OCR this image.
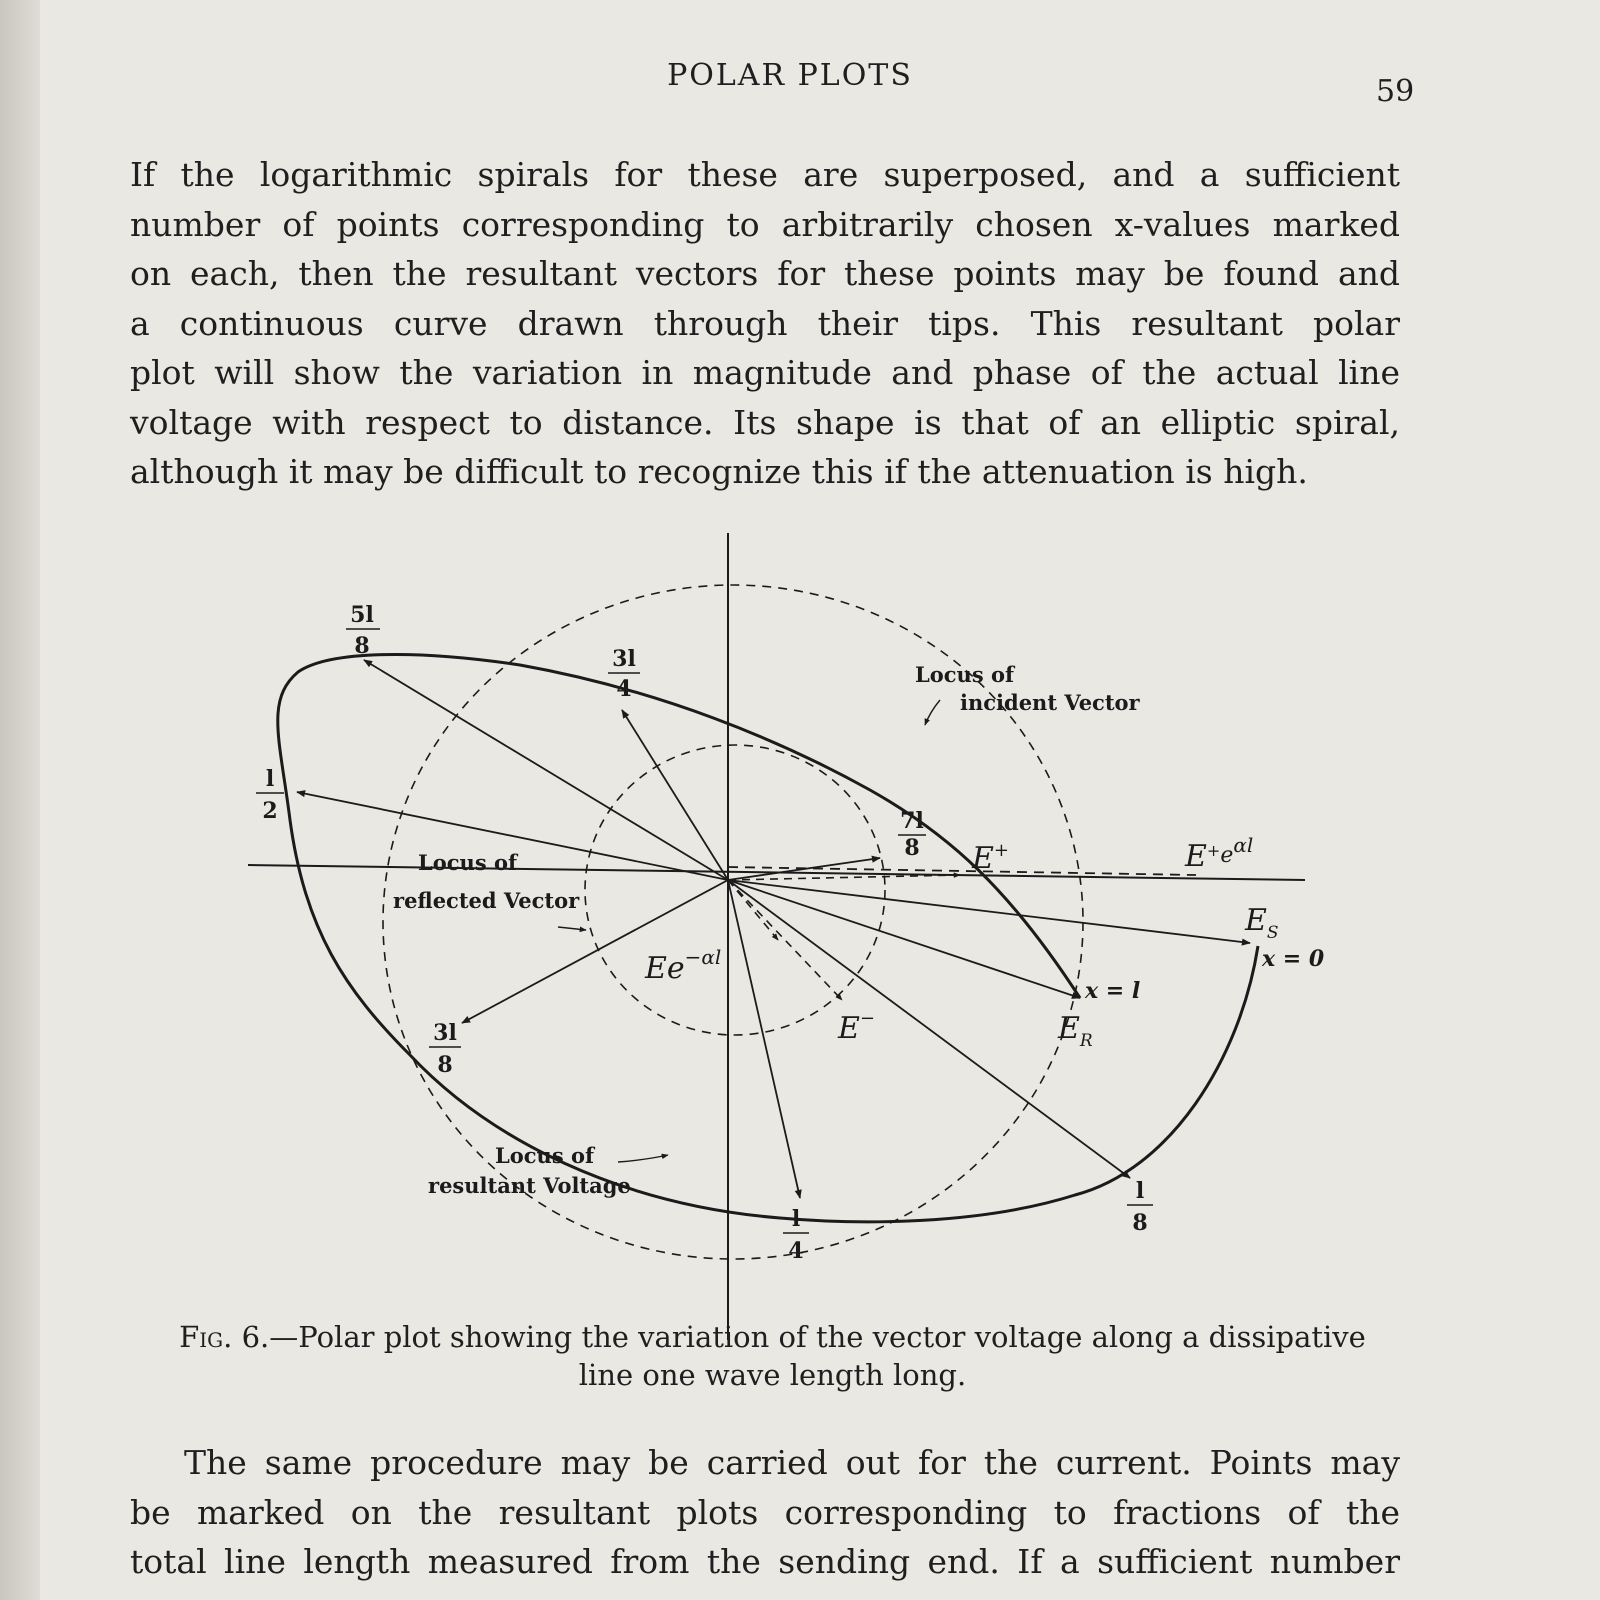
POLAR PLOTS	59

If the logarithmic spirals for these are superposed, and a sufficient
number of points corresponding to arbitrarily chosen x-values marked
on each, then the resultant vectors for these points may be found and
a continuous curve drawn through their tips. This resultant polar
plot will show the variation in magnitude and phase of the actual line
voltage with respect to distance. Its shape is that of an elliptic spiral,
although it may be difficult to recognize this if the attenuation is high.

5l
8	3l
4
l
2	7l
8
3l
8
l
4
l
8
Locus of
incident Vector
Locus of
reflected Vector
Locus of
resultant Voltage
E+	$E^+_e^{\alpha l}$
$E_S$
x = 0
x = l
$E_R$
E−
$Ee^{-\alpha l}$
Fig. 6.—Polar plot showing the variation of the vector voltage along a dissipative
line one wave length long.

The same procedure may be carried out for the current. Points may
be marked on the resultant plots corresponding to fractions of the
total line length measured from the sending end. If a sufficient number
